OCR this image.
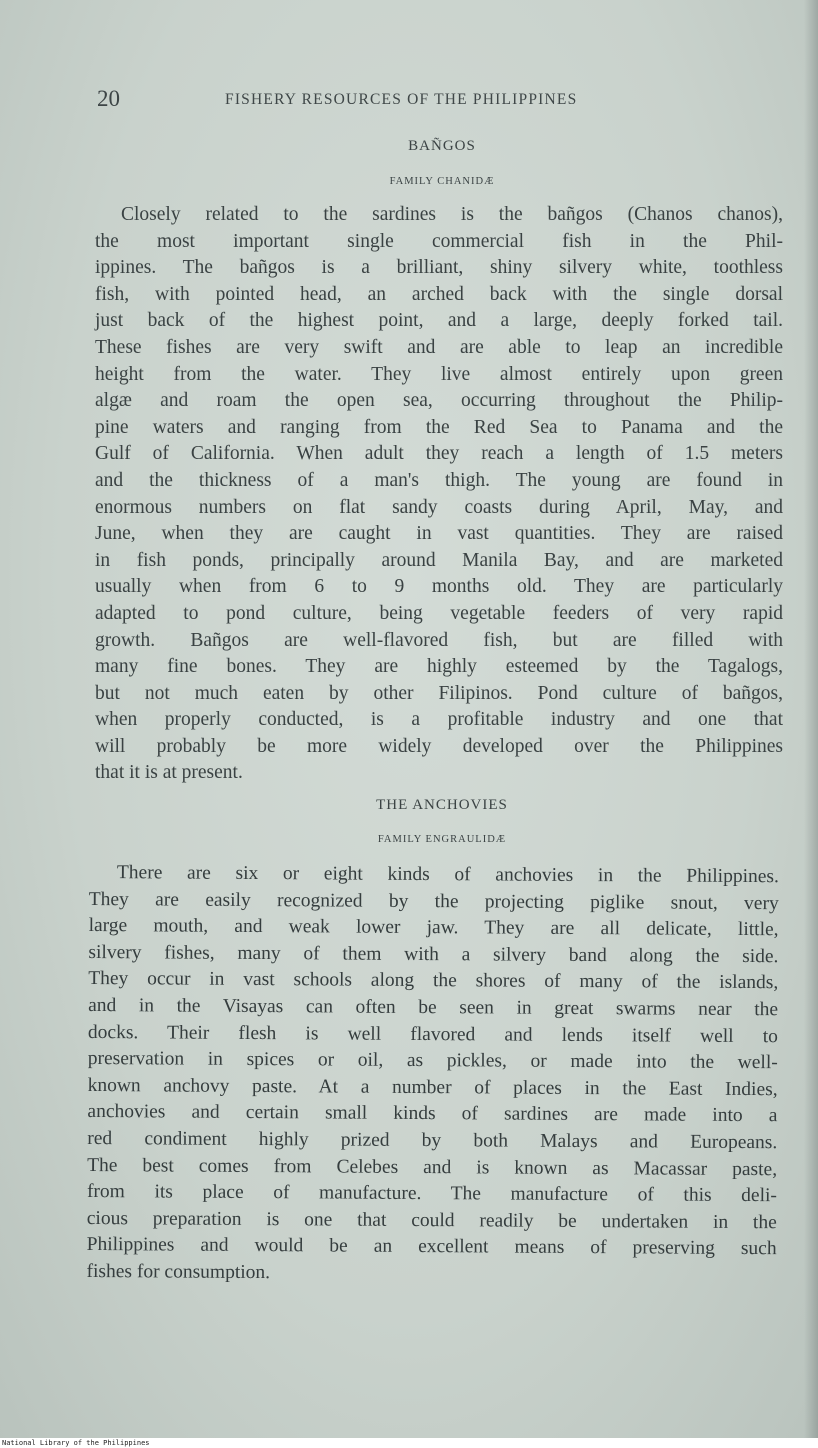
20	FISHERY RESOURCES OF THE PHILIPPINES
BAÑGOS
FAMILY CHANIDÆ
Closely related to the sardines is the bañgos (Chanos chanos),
the most important single commercial fish in the Phil-
ippines. The bañgos is a brilliant, shiny silvery white, toothless
fish, with pointed head, an arched back with the single dorsal
just back of the highest point, and a large, deeply forked tail.
These fishes are very swift and are able to leap an incredible
height from the water. They live almost entirely upon green
algæ and roam the open sea, occurring throughout the Philip-
pine waters and ranging from the Red Sea to Panama and the
Gulf of California. When adult they reach a length of 1.5 meters
and the thickness of a man's thigh. The young are found in
enormous numbers on flat sandy coasts during April, May, and
June, when they are caught in vast quantities. They are raised
in fish ponds, principally around Manila Bay, and are marketed
usually when from 6 to 9 months old. They are particularly
adapted to pond culture, being vegetable feeders of very rapid
growth. Bañgos are well-flavored fish, but are filled with
many fine bones. They are highly esteemed by the Tagalogs,
but not much eaten by other Filipinos. Pond culture of bañgos,
when properly conducted, is a profitable industry and one that
will probably be more widely developed over the Philippines
that it is at present.
THE ANCHOVIES
FAMILY ENGRAULIDÆ
There are six or eight kinds of anchovies in the Philippines.
They are easily recognized by the projecting piglike snout, very
large mouth, and weak lower jaw. They are all delicate, little,
silvery fishes, many of them with a silvery band along the side.
They occur in vast schools along the shores of many of the islands,
and in the Visayas can often be seen in great swarms near the
docks. Their flesh is well flavored and lends itself well to
preservation in spices or oil, as pickles, or made into the well-
known anchovy paste. At a number of places in the East Indies,
anchovies and certain small kinds of sardines are made into a
red condiment highly prized by both Malays and Europeans.
The best comes from Celebes and is known as Macassar paste,
from its place of manufacture. The manufacture of this deli-
cious preparation is one that could readily be undertaken in the
Philippines and would be an excellent means of preserving such
fishes for consumption.
National Library of the Philippines
